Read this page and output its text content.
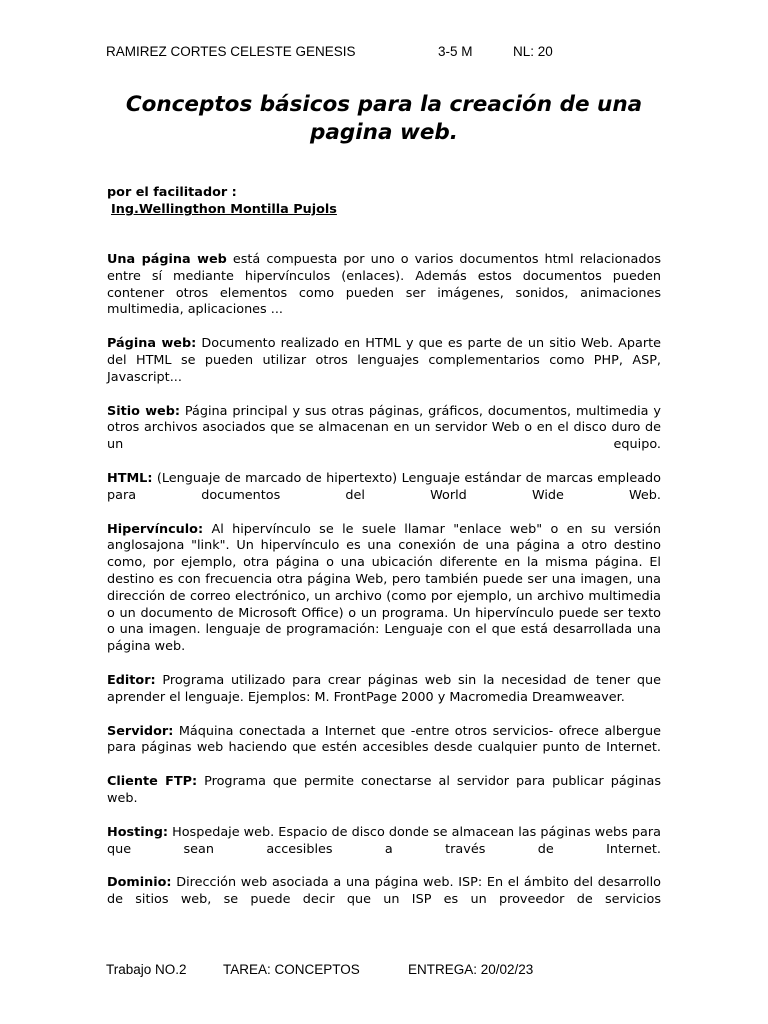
RAMIREZ CORTES CELESTE GENESIS	3-5 M	NL: 20
Conceptos básicos para la creación de una pagina web.
por el facilitador :
Ing.Wellingthon Montilla Pujols

Una página web está compuesta por uno o varios documentos html relacionados entre sí mediante hipervínculos (enlaces). Además estos documentos pueden contener otros elementos como pueden ser imágenes, sonidos, animaciones multimedia, aplicaciones ...

Página web: Documento realizado en HTML y que es parte de un sitio Web. Aparte del HTML se pueden utilizar otros lenguajes complementarios como PHP, ASP, Javascript...

Sitio web: Página principal y sus otras páginas, gráficos, documentos, multimedia y otros archivos asociados que se almacenan en un servidor Web o en el disco duro de un equipo.

HTML: (Lenguaje de marcado de hipertexto) Lenguaje estándar de marcas empleado para documentos del World Wide Web.

Hipervínculo: Al hipervínculo se le suele llamar "enlace web" o en su versión anglosajona "link". Un hipervínculo es una conexión de una página a otro destino como, por ejemplo, otra página o una ubicación diferente en la misma página. El destino es con frecuencia otra página Web, pero también puede ser una imagen, una dirección de correo electrónico, un archivo (como por ejemplo, un archivo multimedia o un documento de Microsoft Office) o un programa. Un hipervínculo puede ser texto o una imagen. lenguaje de programación: Lenguaje con el que está desarrollada una página web.

Editor: Programa utilizado para crear páginas web sin la necesidad de tener que aprender el lenguaje. Ejemplos: M. FrontPage 2000 y Macromedia Dreamweaver.

Servidor: Máquina conectada a Internet que -entre otros servicios- ofrece albergue para páginas web haciendo que estén accesibles desde cualquier punto de Internet.

Cliente FTP: Programa que permite conectarse al servidor para publicar páginas web.

Hosting: Hospedaje web. Espacio de disco donde se almacean las páginas webs para que sean accesibles a través de Internet.

Dominio: Dirección web asociada a una página web. ISP: En el ámbito del desarrollo de sitios web, se puede decir que un ISP es un proveedor de servicios

Trabajo NO.2	TAREA: CONCEPTOS	ENTREGA: 20/02/23
